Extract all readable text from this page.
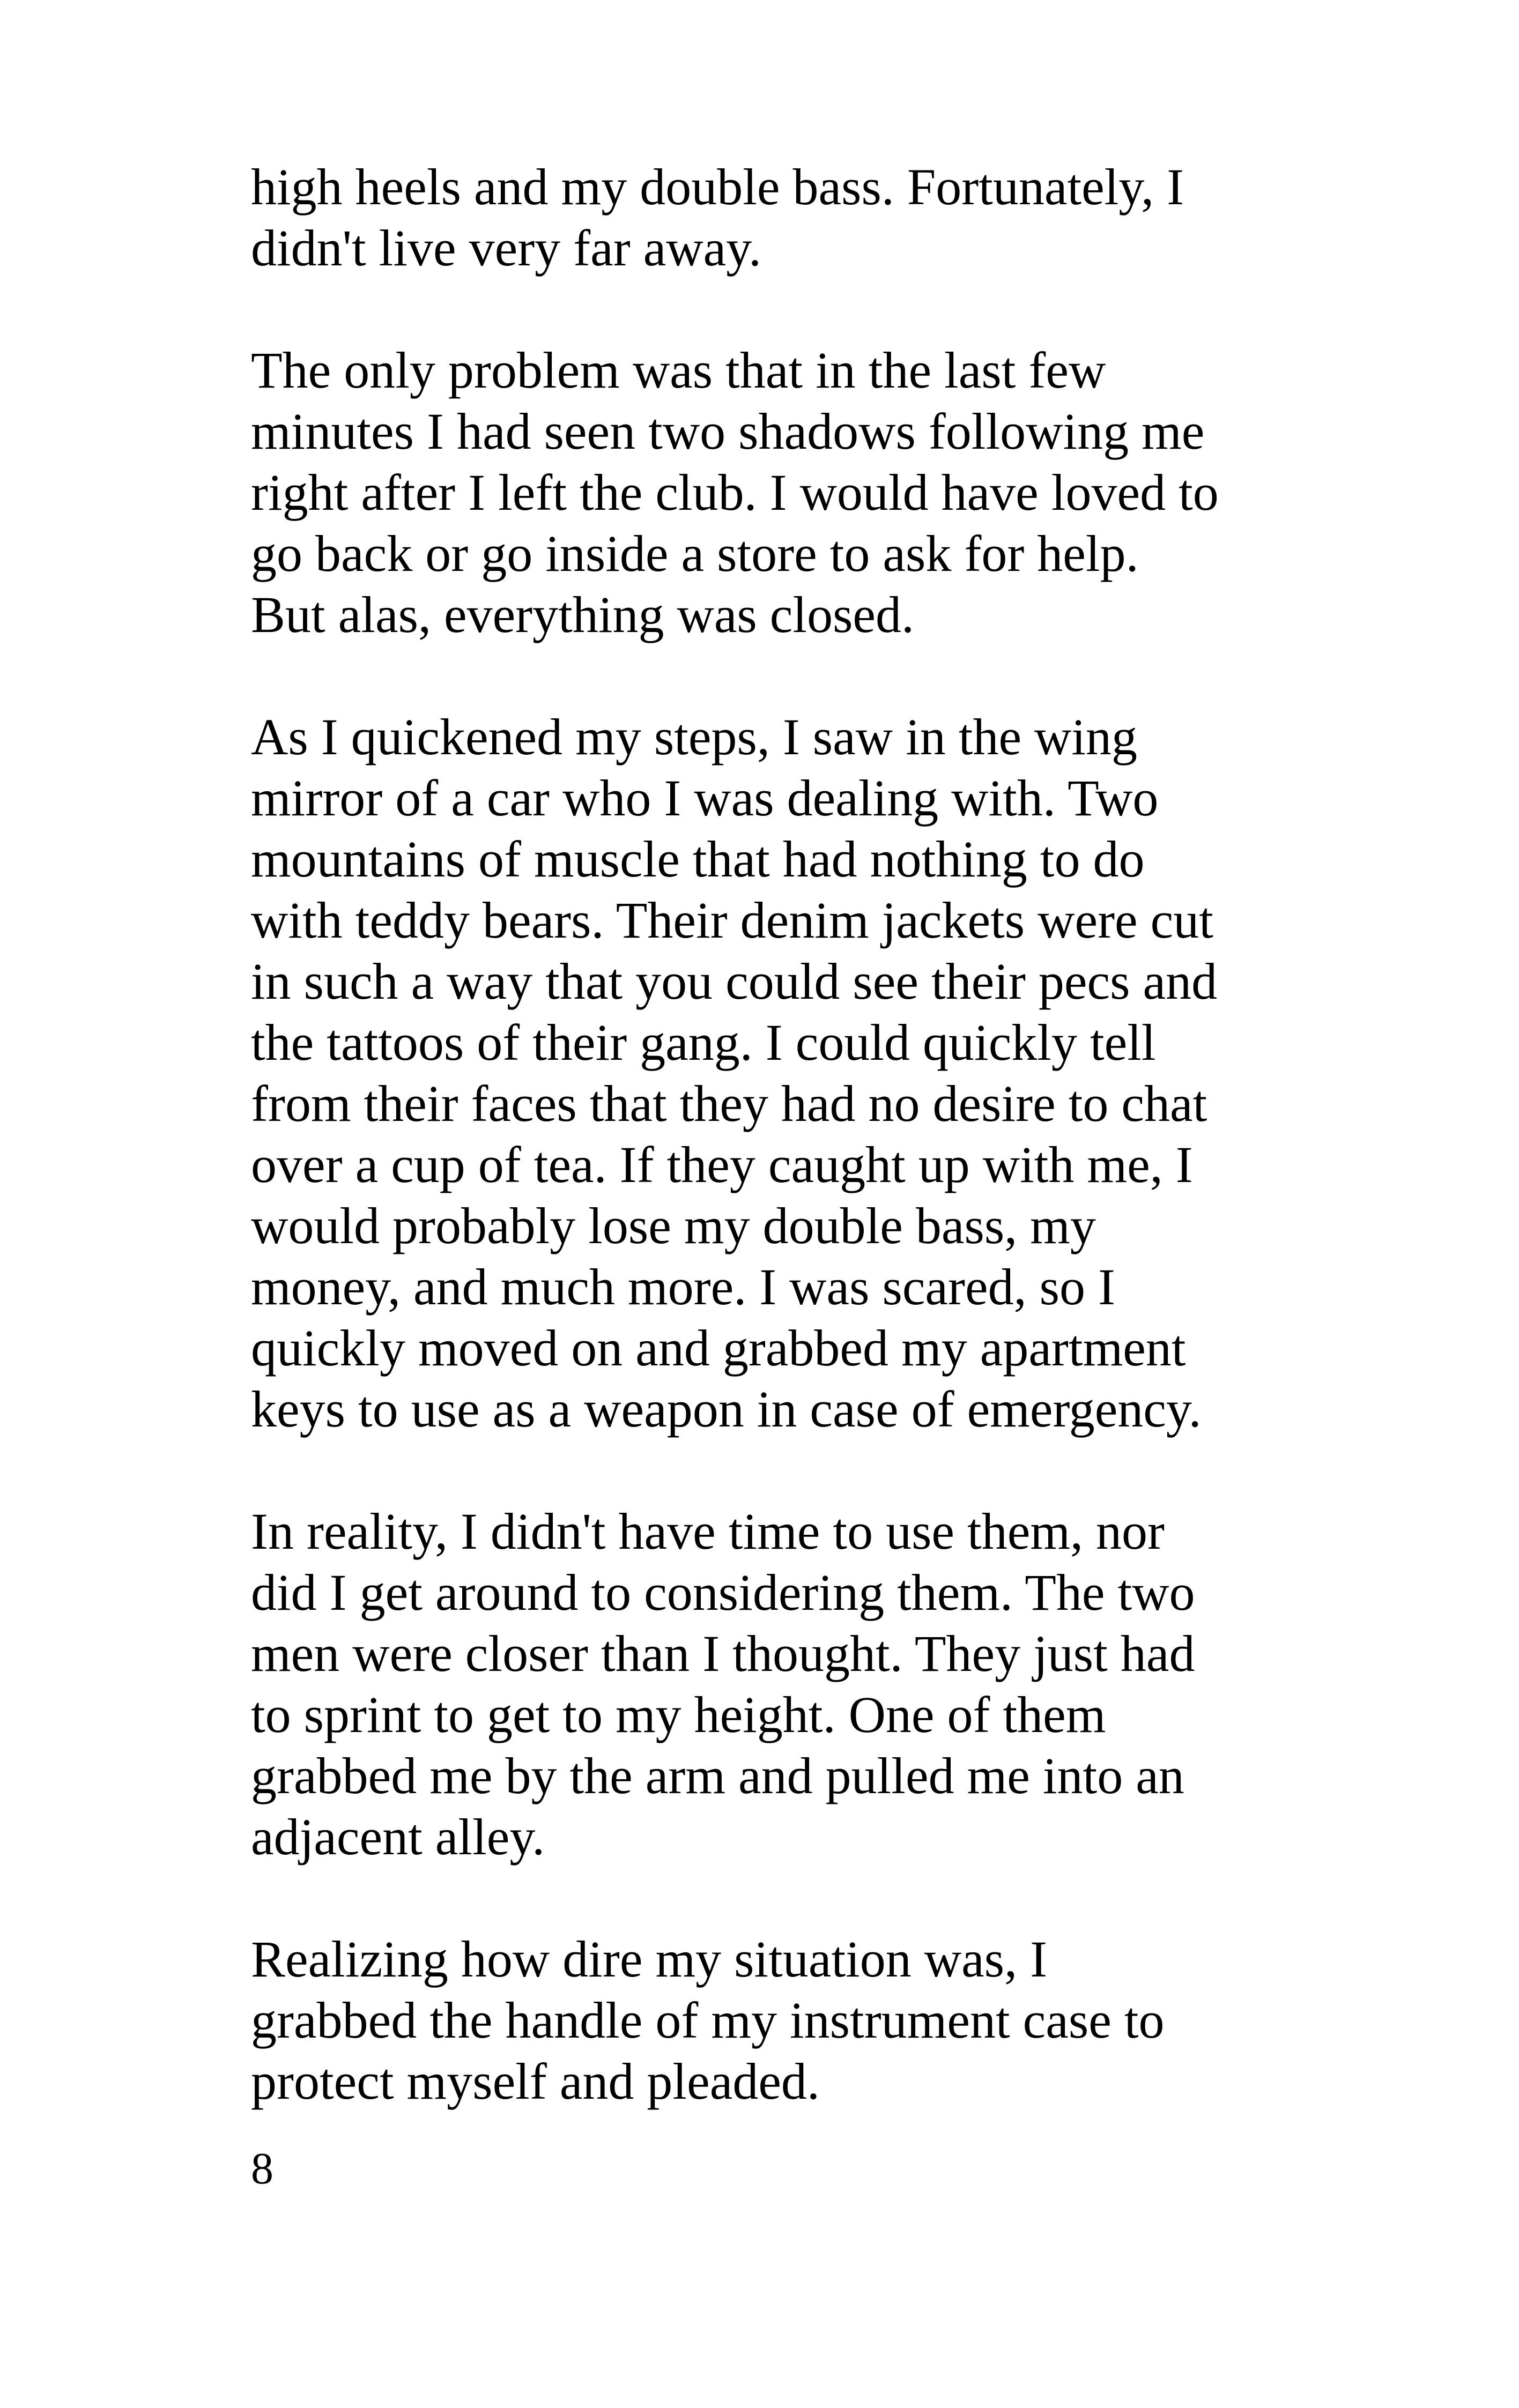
high heels and my double bass. Fortunately, I
didn't live very far away.

The only problem was that in the last few
minutes I had seen two shadows following me
right after I left the club. I would have loved to
go back or go inside a store to ask for help.
But alas, everything was closed.

As I quickened my steps, I saw in the wing
mirror of a car who I was dealing with. Two
mountains of muscle that had nothing to do
with teddy bears. Their denim jackets were cut
in such a way that you could see their pecs and
the tattoos of their gang. I could quickly tell
from their faces that they had no desire to chat
over a cup of tea. If they caught up with me, I
would probably lose my double bass, my
money, and much more. I was scared, so I
quickly moved on and grabbed my apartment
keys to use as a weapon in case of emergency.

In reality, I didn't have time to use them, nor
did I get around to considering them. The two
men were closer than I thought. They just had
to sprint to get to my height. One of them
grabbed me by the arm and pulled me into an
adjacent alley.

Realizing how dire my situation was, I
grabbed the handle of my instrument case to
protect myself and pleaded.

8
